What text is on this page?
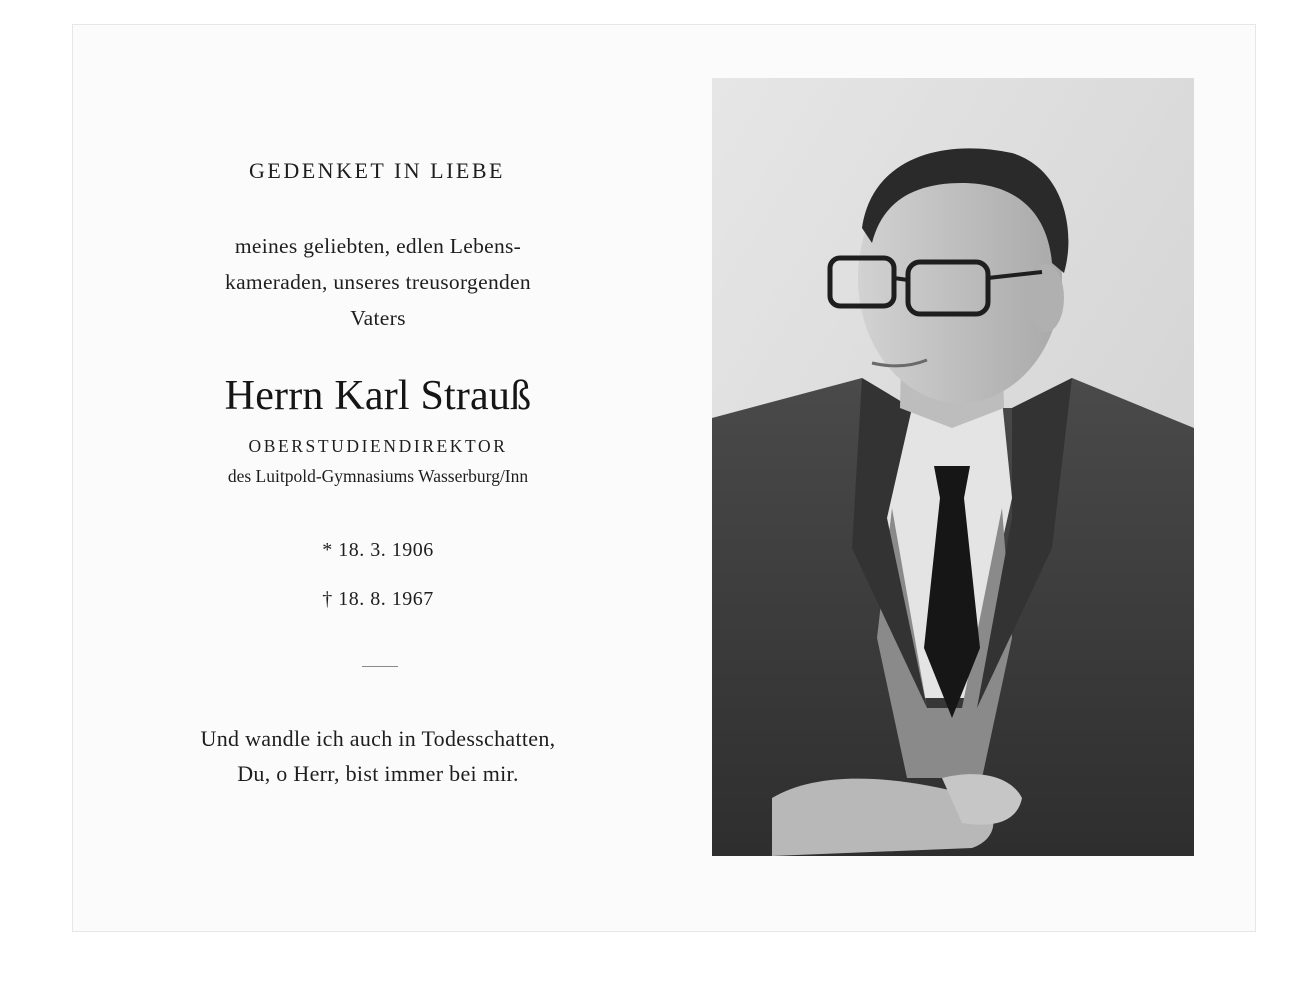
GEDENKET IN LIEBE
meines geliebten, edlen Lebens-
kameraden, unseres treusorgenden
Vaters
Herrn Karl Strauß
OBERSTUDIENDIREKTOR
des Luitpold-Gymnasiums Wasserburg/Inn
* 18. 3. 1906
† 18. 8. 1967
Und wandle ich auch in Todesschatten,
Du, o Herr, bist immer bei mir.
